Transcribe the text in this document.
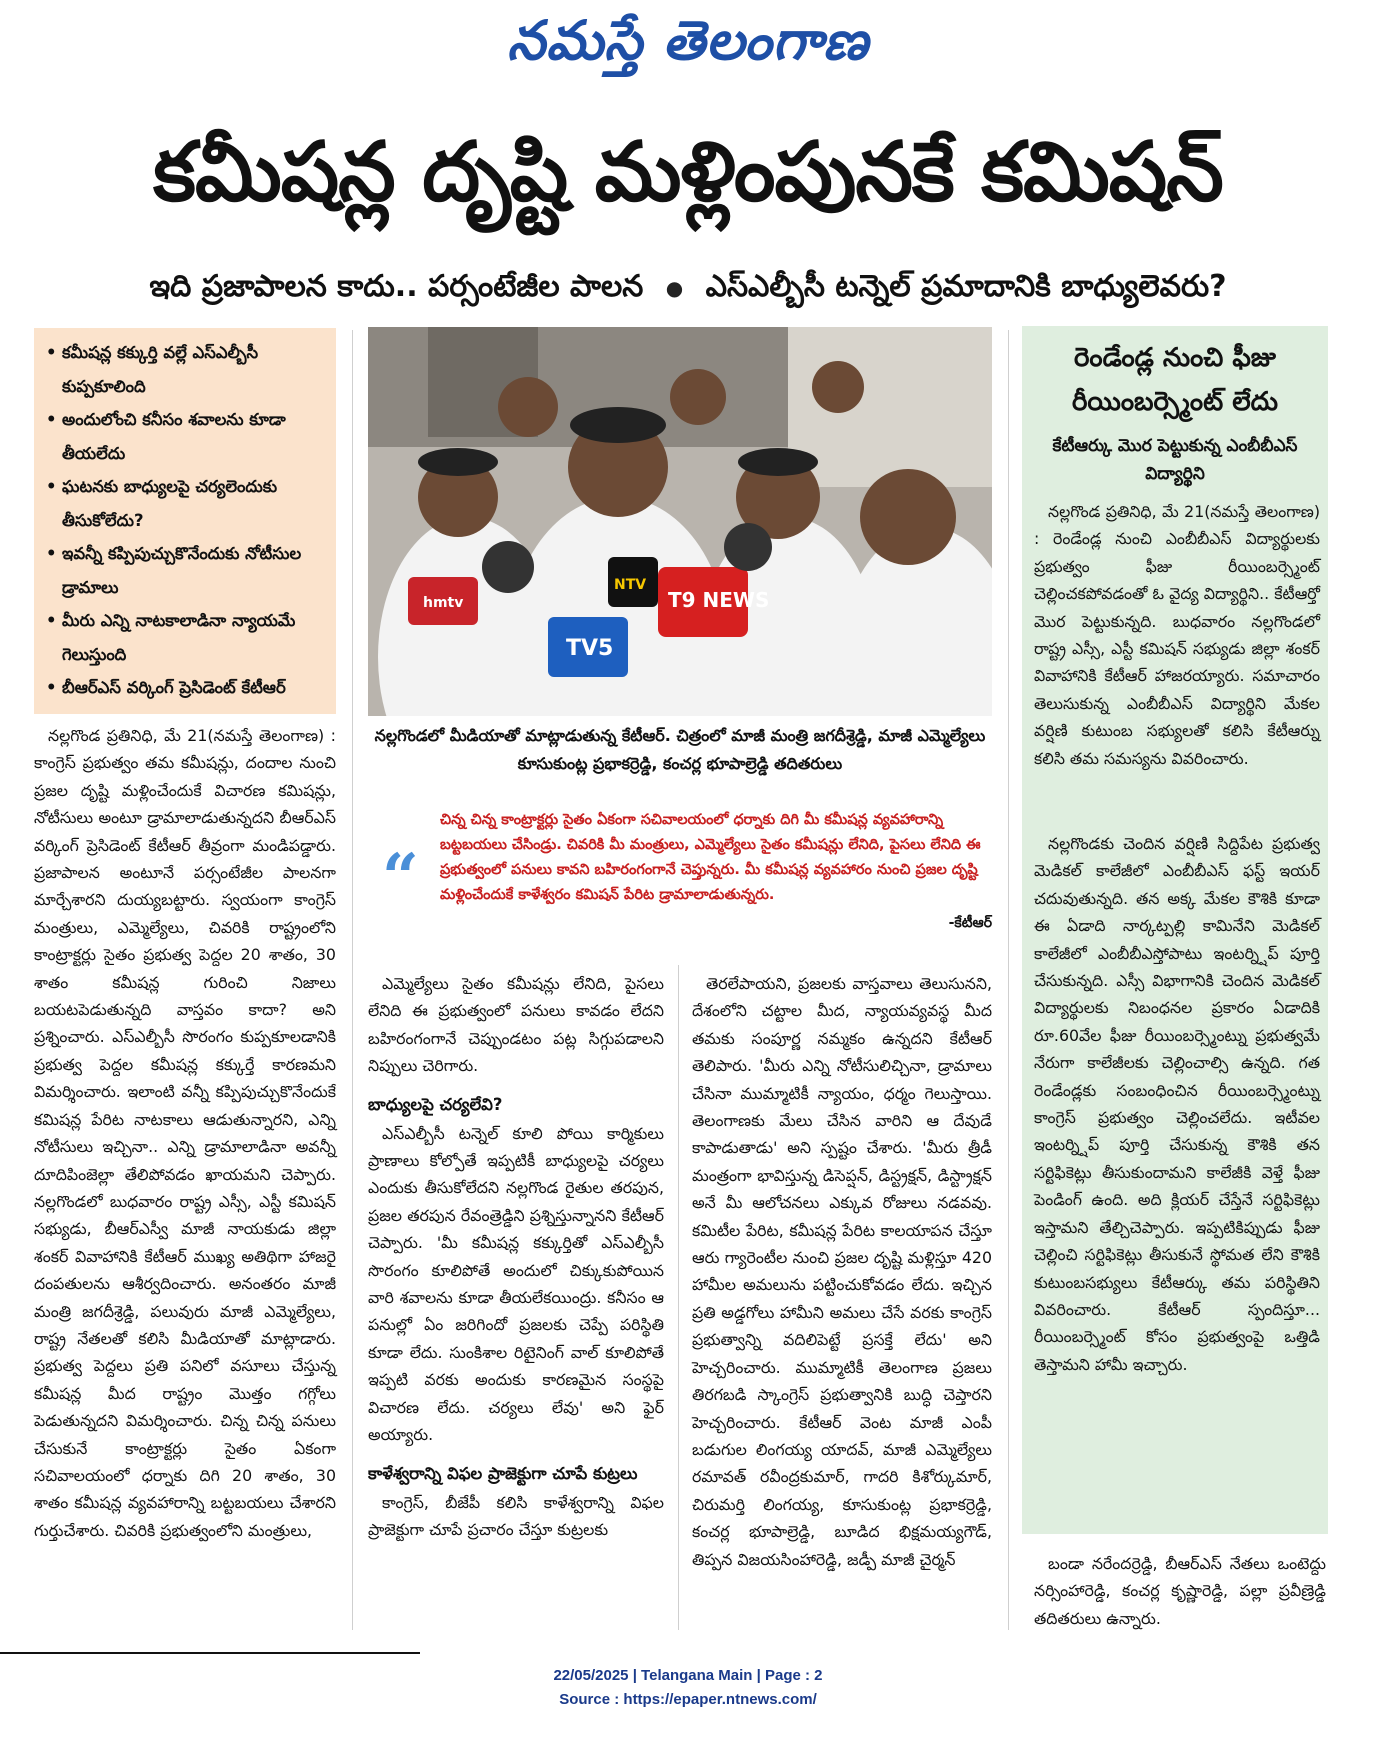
నమస్తే తెలంగాణ
కమీషన్ల దృష్టి మళ్లింపునకే కమిషన్
ఇది ప్రజాపాలన కాదు.. పర్సంటేజీల పాలన ● ఎస్ఎల్బీసీ టన్నెల్ ప్రమాదానికి బాధ్యులెవరు?
• కమీషన్ల కక్కుర్తి వల్లే ఎస్ఎల్బీసీ కుప్పకూలింది
• అందులోంచి కనీసం శవాలను కూడా తీయలేదు
• ఘటనకు బాధ్యులపై చర్యలెందుకు తీసుకోలేదు?
• ఇవన్నీ కప్పిపుచ్చుకొనేందుకు నోటీసుల డ్రామాలు
• మీరు ఎన్ని నాటకాలాడినా న్యాయమే గెలుస్తుంది
• బీఆర్ఎస్ వర్కింగ్ ప్రెసిడెంట్ కేటీఆర్
hmtv
TV5
T9 NEWS
NTV
నల్లగొండలో మీడియాతో మాట్లాడుతున్న కేటీఆర్. చిత్రంలో మాజీ మంత్రి జగదీశ్రెడ్డి, మాజీ ఎమ్మెల్యేలు కూసుకుంట్ల ప్రభాకర్రెడ్డి, కంచర్ల భూపాల్రెడ్డి తదితరులు
“
చిన్న చిన్న కాంట్రాక్టర్లు సైతం ఏకంగా సచివాలయంలో ధర్నాకు దిగి మీ కమీషన్ల వ్యవహారాన్ని బట్టబయలు చేసిండ్రు. చివరికి మీ మంత్రులు, ఎమ్మెల్యేలు సైతం కమీషన్లు లేనిది, పైసలు లేనిది ఈ ప్రభుత్వంలో పనులు కావని బహిరంగంగానే చెప్తున్నరు. మీ కమీషన్ల వ్యవహారం నుంచి ప్రజల దృష్టి మళ్లించేందుకే కాళేశ్వరం కమిషన్ పేరిట డ్రామాలాడుతున్నరు.
-కేటీఆర్
రెండేండ్ల నుంచి ఫీజు రీయింబర్స్మెంట్ లేదు
కేటీఆర్కు మొర పెట్టుకున్న ఎంబీబీఎస్ విద్యార్థిని

నల్లగొండ ప్రతినిధి, మే 21(నమస్తే తెలంగాణ) : రెండేండ్ల నుంచి ఎంబీబీఎస్ విద్యార్థులకు ప్రభుత్వం ఫీజు రీయింబర్స్మెంట్ చెల్లించకపోవడంతో ఓ వైద్య విద్యార్థిని.. కేటీఆర్తో మొర పెట్టుకున్నది. బుధవారం నల్లగొండలో రాష్ట్ర ఎస్సీ, ఎస్టీ కమిషన్ సభ్యుడు జిల్లా శంకర్ వివాహానికి కేటీఆర్ హాజరయ్యారు. సమాచారం తెలుసుకున్న ఎంబీబీఎస్ విద్యార్థిని మేకల వర్షిణి కుటుంబ సభ్యులతో కలిసి కేటీఆర్ను కలిసి తమ సమస్యను వివరించారు.

నల్లగొండకు చెందిన వర్షిణి సిద్దిపేట ప్రభుత్వ మెడికల్ కాలేజీలో ఎంబీబీఎస్ ఫస్ట్ ఇయర్ చదువుతున్నది. తన అక్క మేకల కౌశికి కూడా ఈ ఏడాది నార్కట్పల్లి కామినేని మెడికల్ కాలేజీలో ఎంబీబీఎస్తోపాటు ఇంటర్న్షిప్ పూర్తి చేసుకున్నది. ఎస్సీ విభాగానికి చెందిన మెడికల్ విద్యార్థులకు నిబంధనల ప్రకారం ఏడాదికి రూ.60వేల ఫీజు రీయింబర్స్మెంట్ను ప్రభుత్వమే నేరుగా కాలేజీలకు చెల్లించాల్సి ఉన్నది. గత రెండేండ్లకు సంబంధించిన రీయింబర్స్మెంట్ను కాంగ్రెస్ ప్రభుత్వం చెల్లించలేదు. ఇటీవల ఇంటర్న్షిప్ పూర్తి చేసుకున్న కౌశికి తన సర్టిఫికెట్లు తీసుకుందామని కాలేజీకి వెళ్తే ఫీజు పెండింగ్ ఉంది. అది క్లియర్ చేస్తేనే సర్టిఫికెట్లు ఇస్తామని తేల్చిచెప్పారు. ఇప్పటికిప్పుడు ఫీజు చెల్లించి సర్టిఫికెట్లు తీసుకునే స్థోమత లేని కౌశికి కుటుంబసభ్యులు కేటీఆర్కు తమ పరిస్థితిని వివరించారు. కేటీఆర్ స్పందిస్తూ... రీయింబర్స్మెంట్ కోసం ప్రభుత్వంపై ఒత్తిడి తెస్తామని హామీ ఇచ్చారు.

బండా నరేందర్రెడ్డి, బీఆర్ఎస్ నేతలు ఒంటెద్దు నర్సింహారెడ్డి, కంచర్ల కృష్ణారెడ్డి, పల్లా ప్రవీణ్రెడ్డి తదితరులు ఉన్నారు.

నల్లగొండ ప్రతినిధి, మే 21(నమస్తే తెలంగాణ) : కాంగ్రెస్ ప్రభుత్వం తమ కమీషన్లు, దందాల నుంచి ప్రజల దృష్టి మళ్లించేందుకే విచారణ కమిషన్లు, నోటీసులు అంటూ డ్రామాలాడుతున్నదని బీఆర్ఎస్ వర్కింగ్ ప్రెసిడెంట్ కేటీఆర్ తీవ్రంగా మండిపడ్డారు. ప్రజాపాలన అంటూనే పర్సంటేజీల పాలనగా మార్చేశారని దుయ్యబట్టారు. స్వయంగా కాంగ్రెస్ మంత్రులు, ఎమ్మెల్యేలు, చివరికి రాష్ట్రంలోని కాంట్రాక్టర్లు సైతం ప్రభుత్వ పెద్దల 20 శాతం, 30 శాతం కమీషన్ల గురించి నిజాలు బయటపెడుతున్నది వాస్తవం కాదా? అని ప్రశ్నించారు. ఎస్ఎల్బీసీ సొరంగం కుప్పకూలడానికి ప్రభుత్వ పెద్దల కమీషన్ల కక్కుర్తే కారణమని విమర్శించారు. ఇలాంటి వన్నీ కప్పిపుచ్చుకొనేందుకే కమిషన్ల పేరిట నాటకాలు ఆడుతున్నారని, ఎన్ని నోటీసులు ఇచ్చినా.. ఎన్ని డ్రామాలాడినా అవన్నీ దూదిపింజెల్లా తేలిపోవడం ఖాయమని చెప్పారు. నల్లగొండలో బుధవారం రాష్ట్ర ఎస్సీ, ఎస్టీ కమిషన్ సభ్యుడు, బీఆర్ఎస్వీ మాజీ నాయకుడు జిల్లా శంకర్ వివాహానికి కేటీఆర్ ముఖ్య అతిథిగా హాజరై దంపతులను ఆశీర్వదించారు. అనంతరం మాజీ మంత్రి జగదీశ్రెడ్డి, పలువురు మాజీ ఎమ్మెల్యేలు, రాష్ట్ర నేతలతో కలిసి మీడియాతో మాట్లాడారు. ప్రభుత్వ పెద్దలు ప్రతి పనిలో వసూలు చేస్తున్న కమీషన్ల మీద రాష్ట్రం మొత్తం గగ్గోలు పెడుతున్నదని విమర్శించారు. చిన్న చిన్న పనులు చేసుకునే కాంట్రాక్టర్లు సైతం ఏకంగా సచివాలయంలో ధర్నాకు దిగి 20 శాతం, 30 శాతం కమీషన్ల వ్యవహారాన్ని బట్టబయలు చేశారని గుర్తుచేశారు. చివరికి ప్రభుత్వంలోని మంత్రులు,

ఎమ్మెల్యేలు సైతం కమీషన్లు లేనిది, పైసలు లేనిది ఈ ప్రభుత్వంలో పనులు కావడం లేదని బహిరంగంగానే చెప్పుండటం పట్ల సిగ్గుపడాలని నిప్పులు చెరిగారు.

బాధ్యులపై చర్యలేవి?

ఎస్ఎల్బీసీ టన్నెల్ కూలి పోయి కార్మికులు ప్రాణాలు కోల్పోతే ఇప్పటికీ బాధ్యులపై చర్యలు ఎందుకు తీసుకోలేదని నల్లగొండ రైతుల తరపున, ప్రజల తరపున రేవంత్రెడ్డిని ప్రశ్నిస్తున్నానని కేటీఆర్ చెప్పారు. 'మీ కమీషన్ల కక్కుర్తితో ఎస్ఎల్బీసీ సొరంగం కూలిపోతే అందులో చిక్కుకుపోయిన వారి శవాలను కూడా తీయలేకయింద్రు. కనీసం ఆ పనుల్లో ఏం జరిగిందో ప్రజలకు చెప్పే పరిస్థితి కూడా లేదు. సుంకిశాల రిటైనింగ్ వాల్ కూలిపోతే ఇప్పటి వరకు అందుకు కారణమైన సంస్థపై విచారణ లేదు. చర్యలు లేవు' అని ఫైర్ అయ్యారు.

కాళేశ్వరాన్ని విఫల ప్రాజెక్టుగా చూపే కుట్రలు

కాంగ్రెస్, బీజేపీ కలిసి కాళేశ్వరాన్ని విఫల ప్రాజెక్టుగా చూపే ప్రచారం చేస్తూ కుట్రలకు

తెరలేపాయని, ప్రజలకు వాస్తవాలు తెలుసునని, దేశంలోని చట్టాల మీద, న్యాయవ్యవస్థ మీద తమకు సంపూర్ణ నమ్మకం ఉన్నదని కేటీఆర్ తెలిపారు. 'మీరు ఎన్ని నోటీసులిచ్చినా, డ్రామాలు చేసినా ముమ్మాటికీ న్యాయం, ధర్మం గెలుస్తాయి. తెలంగాణకు మేలు చేసిన వారిని ఆ దేవుడే కాపాడుతాడు' అని స్పష్టం చేశారు. 'మీరు త్రీడీ మంత్రంగా భావిస్తున్న డిసెప్షన్, డిస్ట్రక్షన్, డిస్ట్రాక్షన్ అనే మీ ఆలోచనలు ఎక్కువ రోజులు నడవవు. కమిటీల పేరిట, కమీషన్ల పేరిట కాలయాపన చేస్తూ ఆరు గ్యారెంటీల నుంచి ప్రజల దృష్టి మళ్లిస్తూ 420 హామీల అమలును పట్టించుకోవడం లేదు. ఇచ్చిన ప్రతి అడ్డగోలు హామీని అమలు చేసే వరకు కాంగ్రెస్ ప్రభుత్వాన్ని వదిలిపెట్టే ప్రసక్తే లేదు' అని హెచ్చరించారు. ముమ్మాటికీ తెలంగాణ ప్రజలు తిరగబడి స్కాంగ్రెస్ ప్రభుత్వానికి బుద్ధి చెప్తారని హెచ్చరించారు. కేటీఆర్ వెంట మాజీ ఎంపీ బడుగుల లింగయ్య యాదవ్, మాజీ ఎమ్మెల్యేలు రమావత్ రవీంద్రకుమార్, గాదరి కిశోర్కుమార్, చిరుమర్తి లింగయ్య, కూసుకుంట్ల ప్రభాకర్రెడ్డి, కంచర్ల భూపాల్రెడ్డి, బూడిద భిక్షమయ్యగౌడ్, తిప్పన విజయసింహారెడ్డి, జడ్పీ మాజీ చైర్మన్

22/05/2025 | Telangana Main | Page : 2
Source : https://epaper.ntnews.com/
